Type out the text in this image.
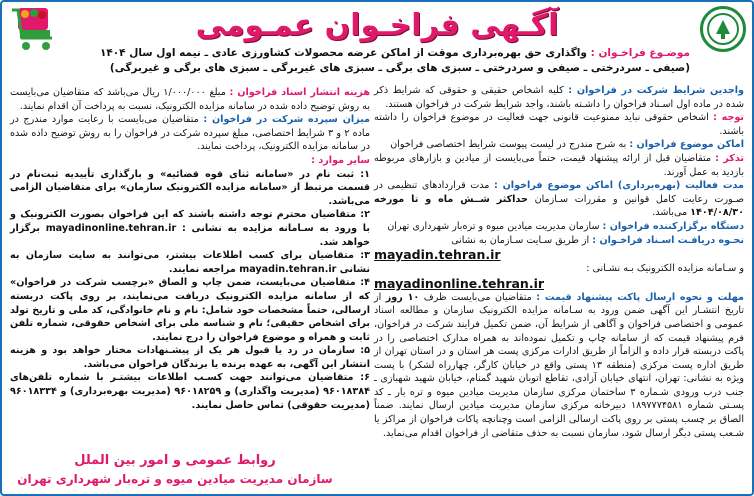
آگـهی فراخـوان عمـومی
موضـوع فراخـوان : واگذاری حق بهره‌برداری موقت از اماکن عرضه محصولات کشاورزی عادی ـ نیمه اول سال ۱۴۰۴
(صیفی ـ سردرختی ـ صیفی و سردرختی ـ سبزی های برگی ـ سبزی های غیربرگی ـ سبزی های برگی و غیربرگی)
واجدین شرایط شرکت در فراخوان : کلیه اشخاص حقیقی و حقوقی که شرایط ذکر شده در ماده اول اسـناد فراخوان را داشـته باشند، واجد شرایط شرکت در فراخوان هستند.
توجه : اشخاص حقوقی نباید ممنوعیت قانونی جهت فعالیت در موضوع فراخوان را داشته باشند.
اماکن موضوع فراخوان : به شرح مندرج در لیست پیوست شرایط اختصاصی فراخوان
تذکر : متقاضیان قبل از ارائه پیشنهاد قیمت، حتماً می‌بایست از میادین و بازارهای مربوطه بازدید به عمل آورند.
مدت فعالیت (بهره‌برداری) اماکن موضوع فراخوان : مدت قراردادهای تنظیمی در صـورت رعایت کامل قوانین و مقررات سـازمان حداکثر شــش ماه و تا مورخه ۱۴۰۴/۰۸/۳۰ می‌باشد.
دستگاه برگزارکننده فراخوان : سازمان مدیریت میادین میوه و تره‌بار شهرداری تهران
نحـوه دریافـت اسـناد فراخـوان : از طریق سـایت سـازمان به نشانی
mayadin.tehran.ir
و سـامانه مزایده الکترونیک بـه نشـانی :
mayadinonline.tehran.ir
مهلت و نحوه ارسال پاکت پیشنهاد قیمت : متقاضیان می‌بایست ظرف ۱۰ روز از تاریخ انتشـار این آگهی ضمن ورود به سـامانه مزایده الکترونیک سازمان و مطالعه اسناد عمومی و اختصاصی فراخوان و آگاهی از شرایط آن، ضمن تکمیل فرایند شرکت در فراخوان، فرم پیشنهاد قیمت که از سامانه چاپ و تکمیل نموده‌اند به همراه مدارک اختصاصی را در پاکت دربسته قرار داده و الزاماً از طریق ادارات مرکزی پست هر استان و در استان تهران از طریق اداره پست مرکزی (منطقه ۱۳ پستی واقع در خیابان کارگر، چهارراه لشکر) با پست ویژه به نشانی: تهران، انتهای خیابان آزادی، تقاطع اتوبان شهید گمنام، خیابان شهید شهبازی ـ جنب درب ورودی شـماره ۳ ساختمان مرکزی سازمان مدیریت میادین میوه و تره بار ـ کد پسـتی شماره ۱۸۹۷۷۷۴۵۸۱ دبیرخانه مرکزی سازمان مدیریت میادین ارسال نمایند. ضمناً الصاق بر چسب پستی بر روی پاکت ارسالی الزامی است وچنانچه پاکات فراخوان از مراکز یا شـعب پستی دیگر ارسال شود، سازمان نسبت به حذف متقاضی از فراخوان اقدام می‌نماید.
هزینه انتشار اسناد فراخوان : مبلغ ۱/۰۰۰/۰۰۰ ریال می‌باشد که متقاضیان می‌بایست به روش توضیح داده شده در سامانه مزایده الکترونیک، نسبت به پرداخت آن اقدام نمایند.
میزان سپرده شرکت در فراخوان : متقاضیان می‌بایست با رعایت موارد مندرج در ماده ۲ و ۳ شرایط اختصاصی، مبلغ سپرده شرکت در فراخوان را به روش توضیح داده شده در سامانه مزایده الکترونیک، پرداخت نمایند.
سایر موارد :
۱: ثبت نام در «سامانه ثنای قوه قضائیه» و بارگذاری تأییدیه ثبت‌نام در قسمت مرتبط از «سامانه مزایده الکترونیک سازمان» برای متقاضیان الزامی می‌باشد.
۲: متقاضیان محترم توجه داشته باشند که این فراخوان بصورت الکترونیک و با ورود به سـامانه مزایده به نشانی : mayadinonline.tehran.ir برگزار خواهد شد.
۳: متقاضیان برای کسب اطلاعات بیشتر، می‌توانند به سایت سازمان به نشانی mayadin.tehran.ir مراجعه نمایند.
۴: متقاضیان می‌بایست، ضمن چاپ و الصاق «برچسب شرکت در فراخوان» که از سامانه مزایده الکترونیک دریافت می‌نمایند، بر روی پاکت دربسته ارسالی، حتماً مشخصات خود شامل: نام و نام خانوادگی، کد ملی و تاریخ تولد برای اشخاص حقیقی؛ نام و شناسه ملی برای اشخاص حقوقی، شماره تلفن ثابت و همراه و موضوع فراخوان را درج نمایند.
۵: سازمان در رد یا قبول هر یک از پیشـنهادات مختار خواهد بود و هزینه انتشار این آگهی، به عهده برنده یا برندگان فراخوان می‌باشد.
۶: متقاضیان می‌توانند جهت کسـب اطلاعات بیشتـر با شماره تلفن‌های ۹۶۰۱۸۳۸۴ (مدیریت واگذاری) و ۹۶۰۱۸۲۵۹ (مدیریت بهره‌برداری) و ۹۶۰۱۸۳۳۴ (مدیریت حقوقی) تماس حاصل نمایند.
روابط عمومی و امور بین الملل
سازمان مدیریت میادین میوه و تره‌بار شهرداری تهران
